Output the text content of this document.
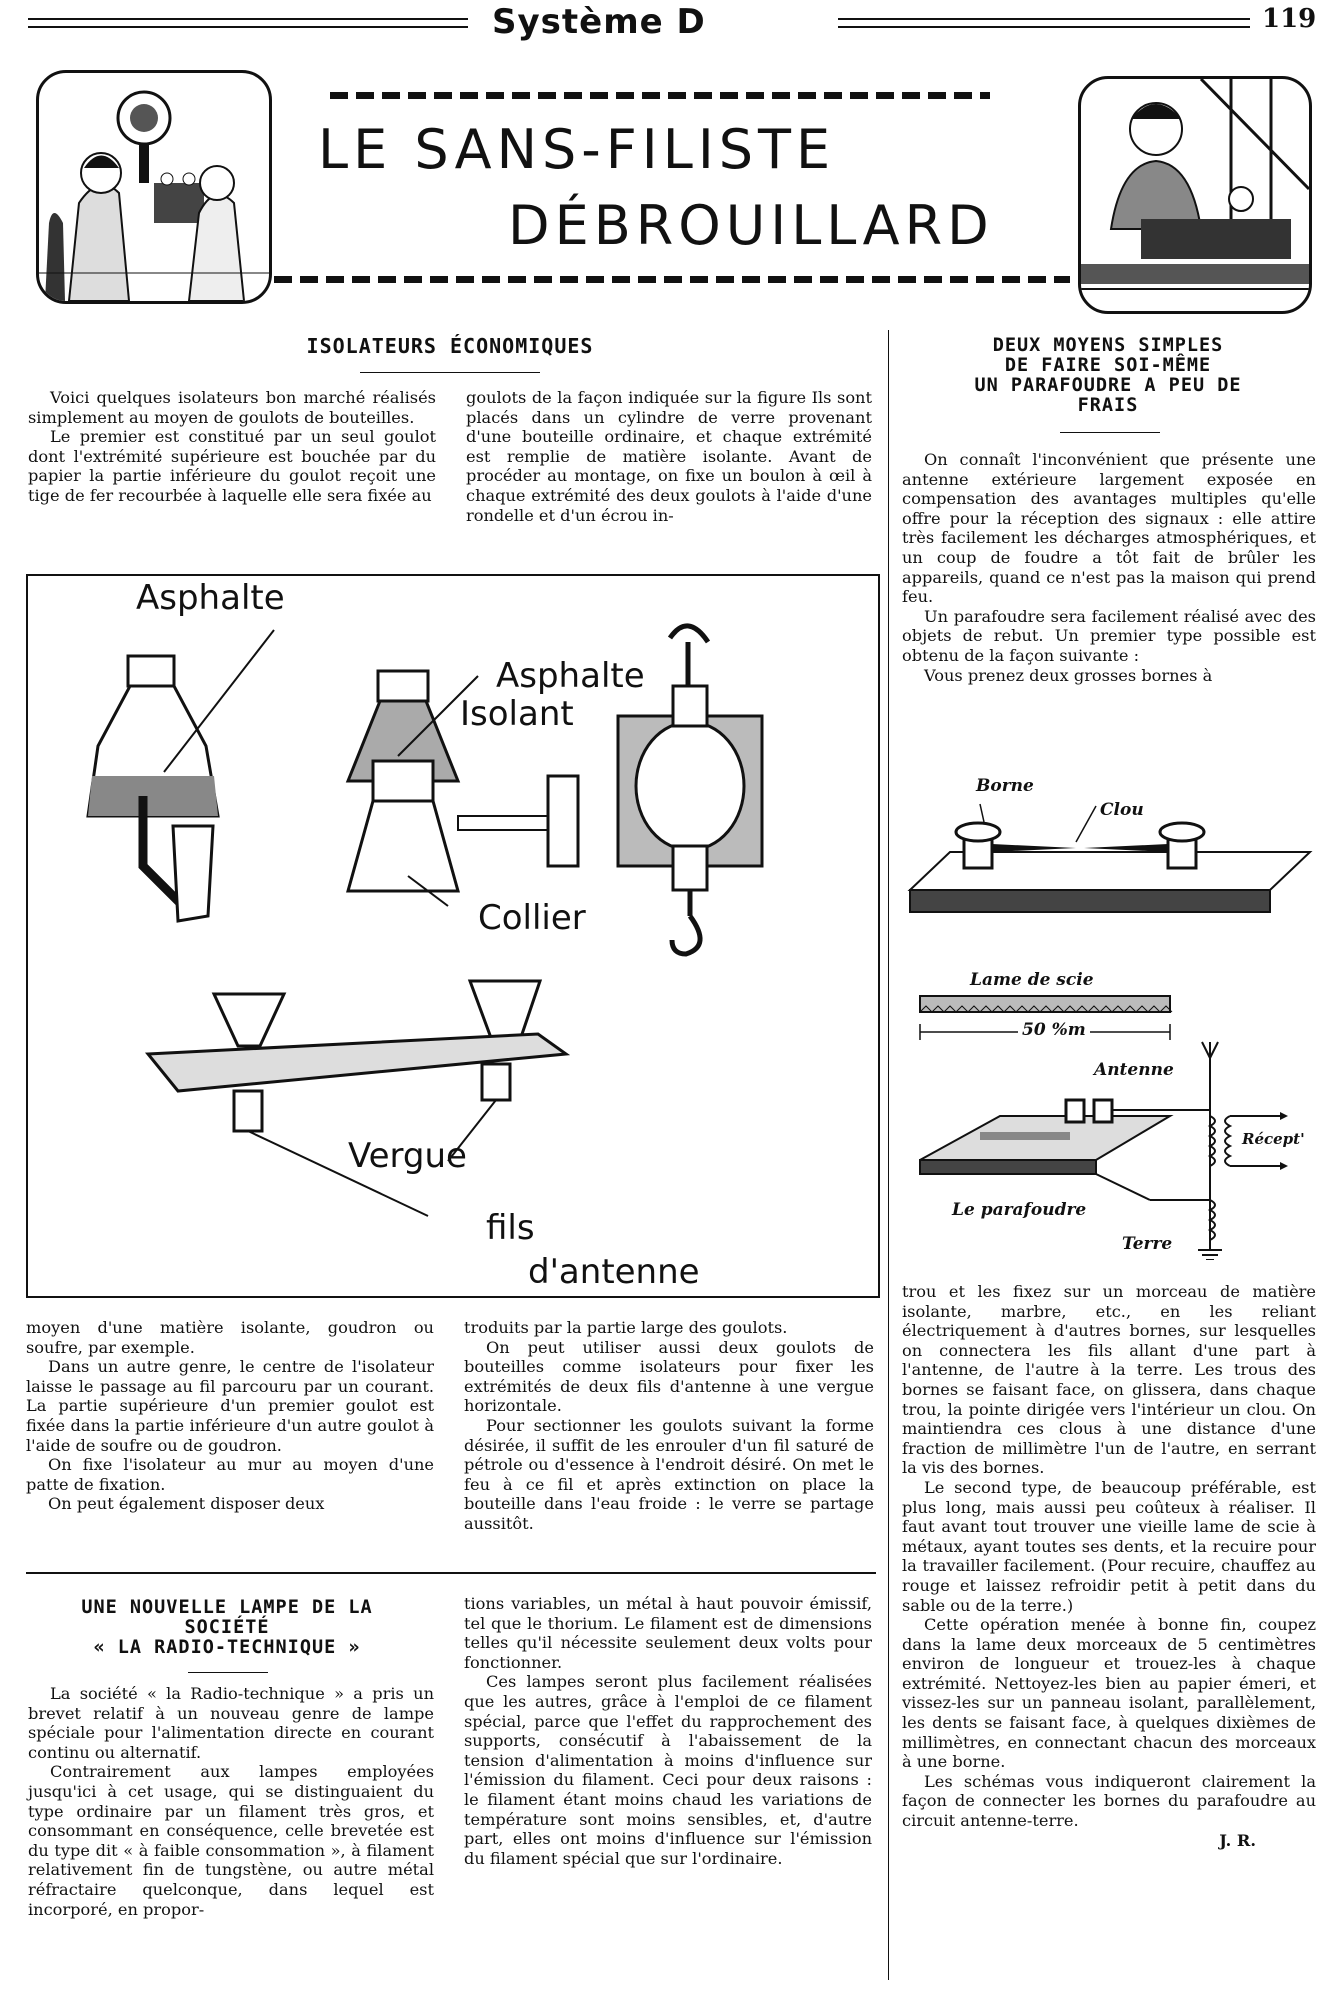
Système D	119
LE SANS-FILISTE
DÉBROUILLARD
ISOLATEURS ÉCONOMIQUES

Voici quelques isolateurs bon marché réalisés simplement au moyen de goulots de bouteilles.

Le premier est constitué par un seul goulot dont l'extrémité supérieure est bouchée par du papier la partie inférieure du goulot reçoit une tige de fer recourbée à laquelle elle sera fixée au

goulots de la façon indiquée sur la figure Ils sont placés dans un cylindre de verre provenant d'une bouteille ordinaire, et chaque extrémité est remplie de matière isolante. Avant de procéder au montage, on fixe un boulon à œil à chaque extrémité des deux goulots à l'aide d'une rondelle et d'un écrou in-

Asphalte
Asphalte
Isolant
Collier
Vergue
fils
d'antenne

moyen d'une matière isolante, goudron ou soufre, par exemple.

Dans un autre genre, le centre de l'isolateur laisse le passage au fil parcouru par un courant. La partie supérieure d'un premier goulot est fixée dans la partie inférieure d'un autre goulot à l'aide de soufre ou de goudron.

On fixe l'isolateur au mur au moyen d'une patte de fixation.

On peut également disposer deux

troduits par la partie large des goulots.

On peut utiliser aussi deux goulots de bouteilles comme isolateurs pour fixer les extrémités de deux fils d'antenne à une vergue horizontale.

Pour sectionner les goulots suivant la forme désirée, il suffit de les enrouler d'un fil saturé de pétrole ou d'essence à l'endroit désiré. On met le feu à ce fil et après extinction on place la bouteille dans l'eau froide : le verre se partage aussitôt.

DEUX MOYENS SIMPLES
DE FAIRE SOI-MÊME
UN PARAFOUDRE A PEU DE
FRAIS

On connaît l'inconvénient que présente une antenne extérieure largement exposée en compensation des avantages multiples qu'elle offre pour la réception des signaux : elle attire très facilement les décharges atmosphériques, et un coup de foudre a tôt fait de brûler les appareils, quand ce n'est pas la maison qui prend feu.

Un parafoudre sera facilement réalisé avec des objets de rebut. Un premier type possible est obtenu de la façon suivante :

Vous prenez deux grosses bornes à

Borne
Clou
Lame de scie
50 %m
Antenne
Récept'
Le parafoudre
Terre

trou et les fixez sur un morceau de matière isolante, marbre, etc., en les reliant électriquement à d'autres bornes, sur lesquelles on connectera les fils allant d'une part à l'antenne, de l'autre à la terre. Les trous des bornes se faisant face, on glissera, dans chaque trou, la pointe dirigée vers l'intérieur un clou. On maintiendra ces clous à une distance d'une fraction de millimètre l'un de l'autre, en serrant la vis des bornes.

Le second type, de beaucoup préférable, est plus long, mais aussi peu coûteux à réaliser. Il faut avant tout trouver une vieille lame de scie à métaux, ayant toutes ses dents, et la recuire pour la travailler facilement. (Pour recuire, chauffez au rouge et laissez refroidir petit à petit dans du sable ou de la terre.)

Cette opération menée à bonne fin, coupez dans la lame deux morceaux de 5 centimètres environ de longueur et trouez-les à chaque extrémité. Nettoyez-les bien au papier émeri, et vissez-les sur un panneau isolant, parallèlement, les dents se faisant face, à quelques dixièmes de millimètres, en connectant chacun des morceaux à une borne.

Les schémas vous indiqueront clairement la façon de connecter les bornes du parafoudre au circuit antenne-terre.

J. R.
UNE NOUVELLE LAMPE DE LA
SOCIÉTÉ
« LA RADIO-TECHNIQUE »

La société « la Radio-technique » a pris un brevet relatif à un nouveau genre de lampe spéciale pour l'alimentation directe en courant continu ou alternatif.

Contrairement aux lampes employées jusqu'ici à cet usage, qui se distinguaient du type ordinaire par un filament très gros, et consommant en conséquence, celle brevetée est du type dit « à faible consommation », à filament relativement fin de tungstène, ou autre métal réfractaire quelconque, dans lequel est incorporé, en propor-

tions variables, un métal à haut pouvoir émissif, tel que le thorium. Le filament est de dimensions telles qu'il nécessite seulement deux volts pour fonctionner.

Ces lampes seront plus facilement réalisées que les autres, grâce à l'emploi de ce filament spécial, parce que l'effet du rapprochement des supports, consécutif à l'abaissement de la tension d'alimentation à moins d'influence sur l'émission du filament. Ceci pour deux raisons : le filament étant moins chaud les variations de température sont moins sensibles, et, d'autre part, elles ont moins d'influence sur l'émission du filament spécial que sur l'ordinaire.
